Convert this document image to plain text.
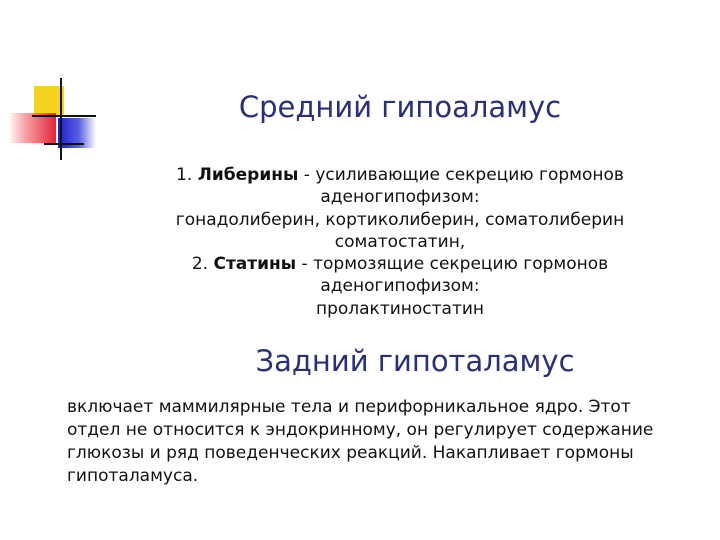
Средний гипоаламус
1. Либерины - усиливающие секрецию гормонов
аденогипофизом:
гонадолиберин, кортиколиберин, соматолиберин
соматостатин,
2. Статины - тормозящие секрецию гормонов
аденогипофизом:
пролактиностатин
Задний гипоталамус
включает маммилярные тела и перифорникальное ядро. Этот
отдел не относится к эндокринному, он регулирует содержание
глюкозы и ряд поведенческих реакций. Накапливает гормоны
гипоталамуса.
